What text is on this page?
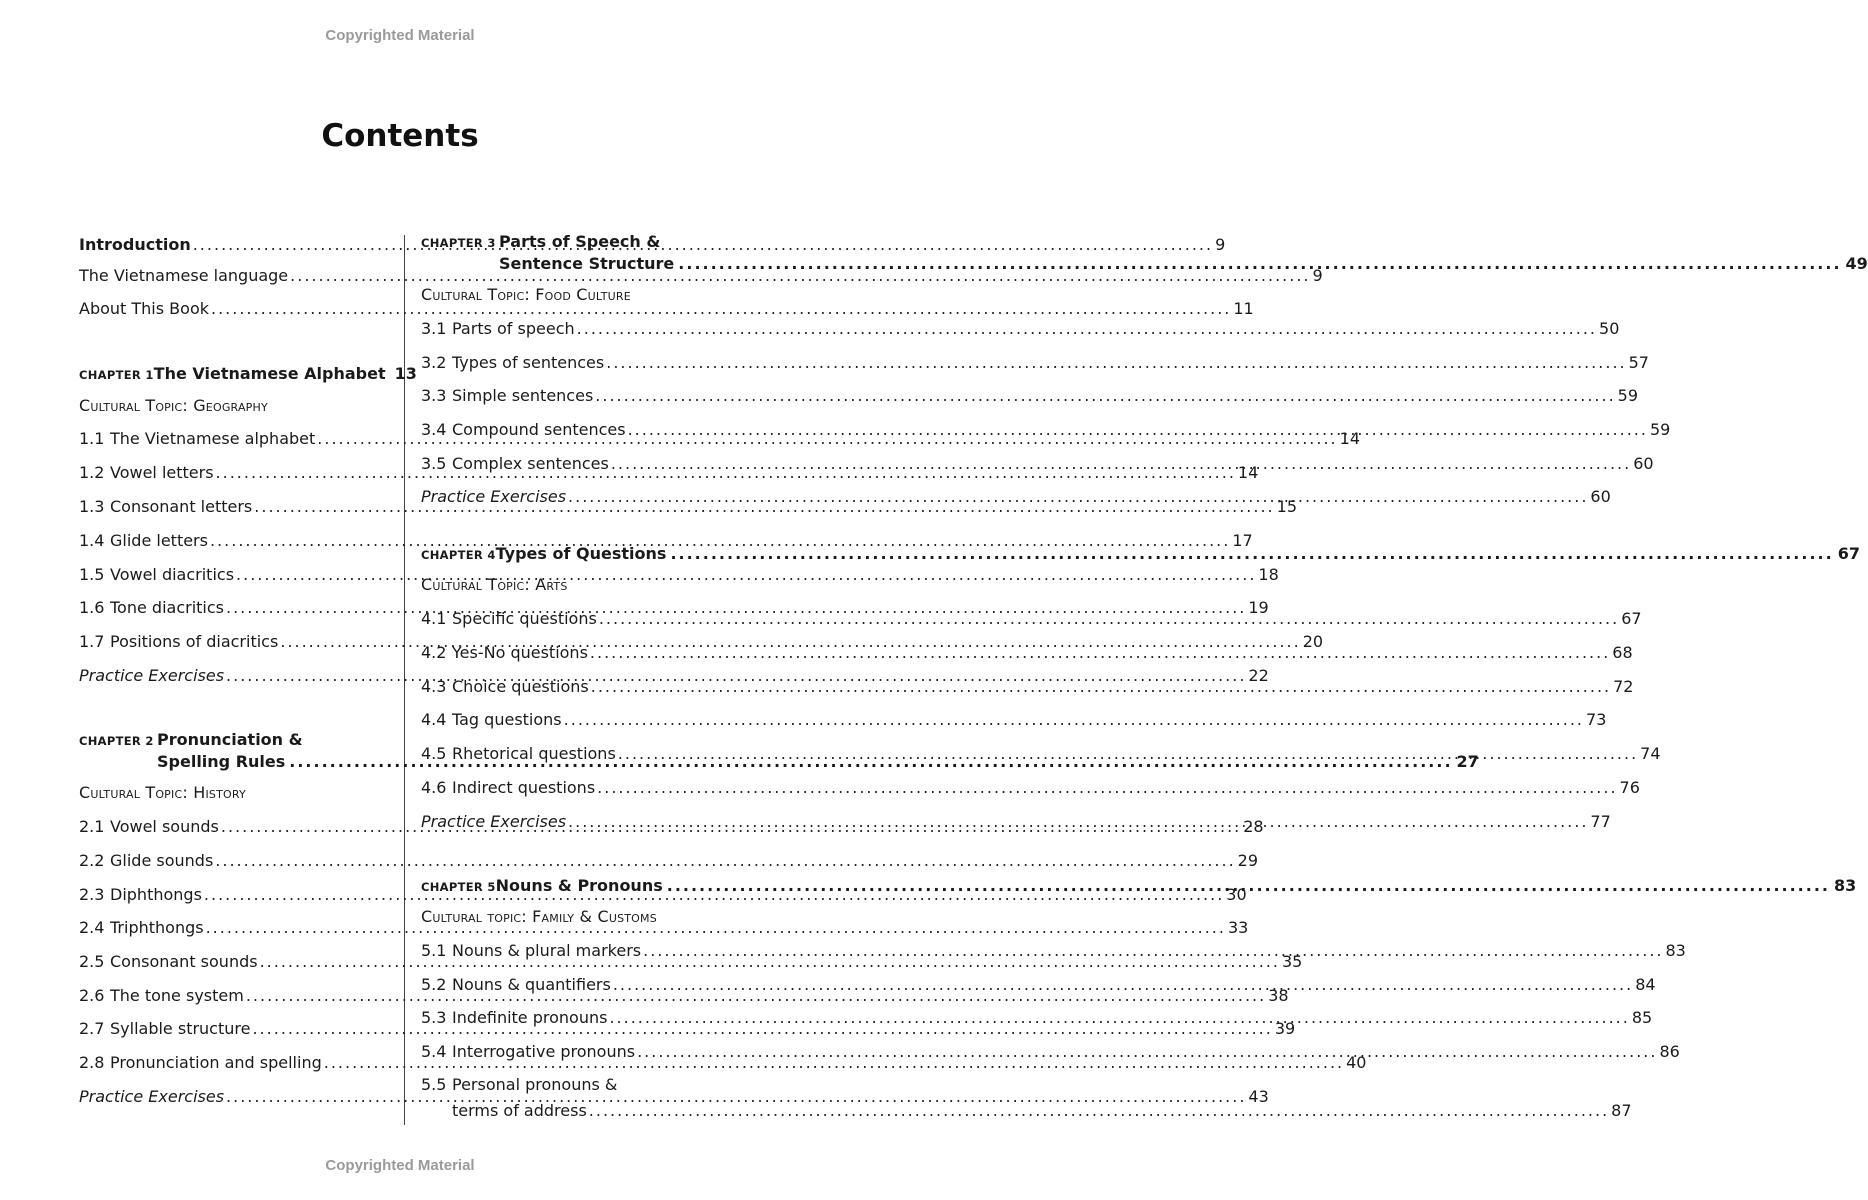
Copyrighted Material
Contents
Introduction .....	9
The Vietnamese language .....	9
About This Book .....	11
CHAPTER 1 The Vietnamese Alphabet 13
Cultural Topic: Geography
1.1 The Vietnamese alphabet .....	14
1.2 Vowel letters .....	14
1.3 Consonant letters .....	15
1.4 Glide letters .....	17
1.5 Vowel diacritics .....	18
1.6 Tone diacritics .....	19
1.7 Positions of diacritics .....	20
Practice Exercises .....	22
CHAPTER 2 Pronunciation &
Spelling Rules .....	27
Cultural Topic: History
2.1 Vowel sounds .....	28
2.2 Glide sounds .....	29
2.3 Diphthongs .....	30
2.4 Triphthongs .....	33
2.5 Consonant sounds .....	35
2.6 The tone system .....	38
2.7 Syllable structure .....	39
2.8 Pronunciation and spelling .....	40
Practice Exercises .....	43
CHAPTER 3 Parts of Speech &
Sentence Structure .....	49
Cultural Topic: Food Culture
3.1 Parts of speech .....	50
3.2 Types of sentences .....	57
3.3 Simple sentences .....	59
3.4 Compound sentences .....	59
3.5 Complex sentences .....	60
Practice Exercises .....	60
CHAPTER 4 Types of Questions .....	67
Cultural Topic: Arts
4.1 Specific questions .....	67
4.2 Yes-No questions .....	68
4.3 Choice questions .....	72
4.4 Tag questions .....	73
4.5 Rhetorical questions .....	74
4.6 Indirect questions .....	76
Practice Exercises .....	77
CHAPTER 5 Nouns & Pronouns .....	83
Cultural topic: Family & Customs
5.1 Nouns & plural markers .....	83
5.2 Nouns & quantifiers .....	84
5.3 Indefinite pronouns .....	85
5.4 Interrogative pronouns .....	86
5.5 Personal pronouns &
terms of address .....	87
Copyrighted Material
